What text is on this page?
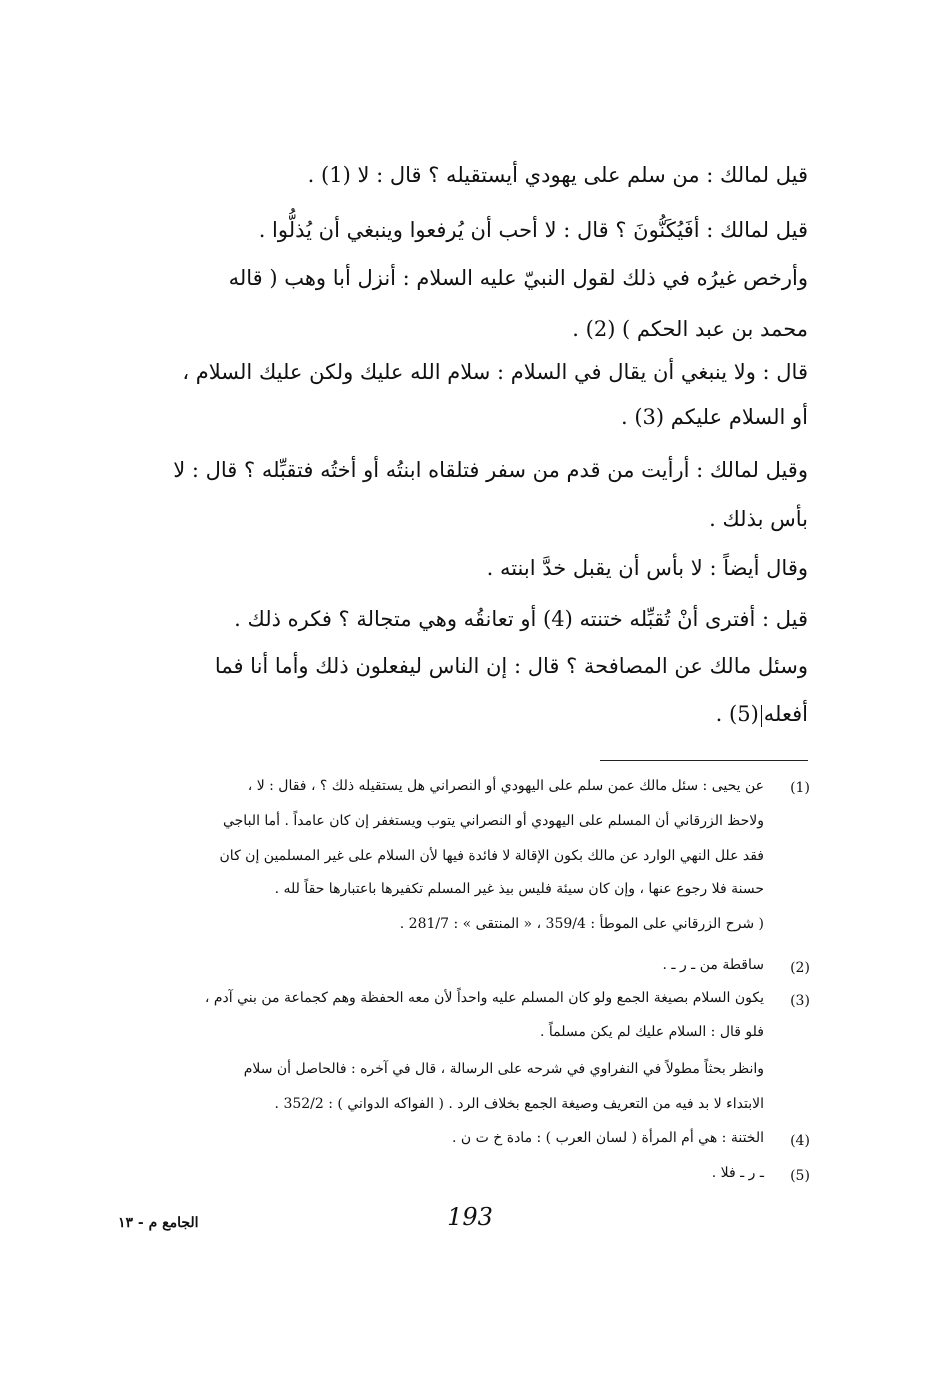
قيل لمالك : من سلم على يهودي أيستقيله ؟ قال : لا (1) .
قيل لمالك : أفَيُكَنُّونَ ؟ قال : لا أحب أن يُرفعوا وينبغي أن يُذلُّوا .
وأرخص غيرُه في ذلك لقول النبيّ عليه السلام : أنزل أبا وهب ( قاله
محمد بن عبد الحكم ) (2) .
قال : ولا ينبغي أن يقال في السلام : سلام الله عليك ولكن عليك السلام ،
أو السلام عليكم (3) .
وقيل لمالك : أرأيت من قدم من سفر فتلقاه ابنتُه أو أختُه فتقبِّله ؟ قال : لا
بأس بذلك .
وقال أيضاً : لا بأس أن يقبل خدَّ ابنته .
قيل : أفترى أنْ تُقبِّله ختنته (4) أو تعانقُه وهي متجالة ؟ فكره ذلك .
وسئل مالك عن المصافحة ؟ قال : إن الناس ليفعلون ذلك وأما أنا فما
أفعله(5) .
(1)
عن يحيى : سئل مالك عمن سلم على اليهودي أو النصراني هل يستقيله ذلك ؟ ، فقال : لا ،
ولاحظ الزرقاني أن المسلم على اليهودي أو النصراني يتوب ويستغفر إن كان عامداً . أما الباجي
فقد علل النهي الوارد عن مالك بكون الإقالة لا فائدة فيها لأن السلام على غير المسلمين إن كان
حسنة فلا رجوع عنها ، وإن كان سيئة فليس بيذ غير المسلم تكفيرها باعتبارها حقاً لله .
( شرح الزرقاني على الموطأ : 359/4 ، « المنتقى » : 281/7 .
(2)
ساقطة من ـ ر ـ .
(3)
يكون السلام بصيغة الجمع ولو كان المسلم عليه واحداً لأن معه الحفظة وهم كجماعة من بني آدم ،
فلو قال : السلام عليك لم يكن مسلماً .
وانظر بحثاً مطولاً في النفراوي في شرحه على الرسالة ، قال في آخره : فالحاصل أن سلام
الابتداء لا بد فيه من التعريف وصيغة الجمع بخلاف الرد . ( الفواكه الدواني ) : 352/2 .
(4)
الختنة : هي أم المرأة ( لسان العرب ) : مادة خ ت ن .
(5)
ـ ر ـ فلا .
193
الجامع م - ١٣
